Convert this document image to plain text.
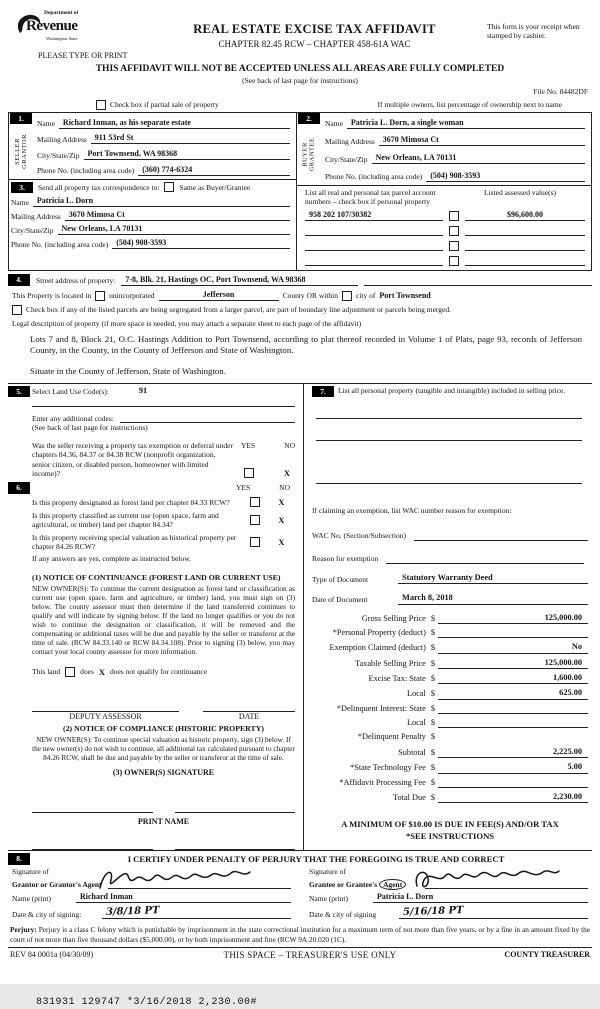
Department of
Revenue
Washington State
PLEASE TYPE OR PRINT
REAL ESTATE EXCISE TAX AFFIDAVIT
CHAPTER 82.45 RCW – CHAPTER 458-61A WAC
This form is your receipt when stamped by cashier.
THIS AFFIDAVIT WILL NOT BE ACCEPTED UNLESS ALL AREAS ARE FULLY COMPLETED
(See back of last page for instructions)
File No. 84482DF
Check box if partial sale of property	If multiple owners, list percentage of ownership next to name
1.
SELLER GRANTOR
Name	Richard Inman, as his separate estate
Mailing Address	911 53rd St
City/State/Zip	Port Townsend, WA 98368
Phone No. (including area code)	(360) 774-6324
3.	Send all property tax correspondence to:	Same as Buyer/Grantee
Name	Patricia L. Dorn
Mailing Address	3670 Mimosa Ct
City/State/Zip	New Orleans, LA 70131
Phone No. (including area code)	(504) 908-3593
2.
BUYER GRANTEE
Name	Patricia L. Dorn, a single woman
Mailing Address	3670 Mimosa Ct
City/State/Zip	New Orleans, LA 70131
Phone No. (including area code)	(504) 908-3593
List all real and personal tax parcel account numbers – check box if personal property
Listed assessed value(s)
958 202 107/30382	$96,600.00
4.	Street address of property:	7-8, Blk. 21, Hastings OC, Port Townsend, WA 98368
This Property is located in unincorporated	Jefferson	County OR within city of Port Townsend
Check box if any of the listed parcels are being segregated from a larger parcel, are part of boundary line adjustment or parcels being merged.
Legal description of property (if more space is needed, you may attach a separate sheet to each page of the affidavit)
Lots 7 and 8, Block 21, O.C. Hastings Addition to Port Townsend, according to plat thereof recorded in Volume 1 of Plats, page 93, records of Jefferson County, in the County, in the County of Jefferson and State of Washington.
Situate in the County of Jefferson, State of Washington.
5.	Select Land Use Code(s):	91
Enter any additional codes:
(See back of last page for instructions)
Was the seller receiving a property tax exemption or deferral under chapters 84.36, 84.37 or 84.38 RCW (nonprofit organization, senior citizen, or disabled person, homeowner with limited income)?
YES	NO
X
6.	YES	NO
Is this property designated as forest land per chapter 84.33 RCW?	X
Is this property classified as current use (open space, farm and agricultural, or timber) land per chapter 84.34?	X
Is this property receiving special valuation as historical property per chapter 84.26 RCW?	X
If any answers are yes, complete as instructed below.
(1) NOTICE OF CONTINUANCE (FOREST LAND OR CURRENT USE)
NEW OWNER(S): To continue the current designation as forest land or classification as current use (open space, farm and agriculture, or timber) land, you must sign on (3) below. The county assessor must then determine if the land transferred continues to qualify and will indicate by signing below. If the land no longer qualifies or you do not wish to continue the designation or classification, it will be removed and the compensating or additional taxes will be due and payable by the seller or transferor at the time of sale. (RCW 84.33.140 or RCW 84.34.108). Prior to signing (3) below, you may contact your local county assessor for more information.
This land	does X does not qualify for continuance
DEPUTY ASSESSOR	DATE
(2) NOTICE OF COMPLIANCE (HISTORIC PROPERTY)
NEW OWNER(S): To continue special valuation as historic property, sign (3) below. If the new owner(s) do not wish to continue, all additional tax calculated pursuant to chapter 84.26 RCW, shall be due and payable by the seller or transferor at the time of sale.
(3) OWNER(S) SIGNATURE
PRINT NAME
7.	List all personal property (tangible and intangible) included in selling price.
If claiming an exemption, list WAC number reason for exemption:
WAC No. (Section/Subsection)
Reason for exemption
Type of Document	Statutory Warranty Deed
Date of Document	March 8, 2018
Gross Selling Price $	125,000.00
*Personal Property (deduct) $
Exemption Claimed (deduct) $	No
Taxable Selling Price $	125,000.00
Excise Tax: State $	1,600.00
Local $	625.00
*Delinquent Interest: State $
Local $
*Delinquent Penalty $
Subtotal $	2,225.00
*State Technology Fee $	5.00
*Affidavit Processing Fee $
Total Due $	2,230.00
A MINIMUM OF $10.00 IS DUE IN FEE(S) AND/OR TAX
*SEE INSTRUCTIONS
8.	I CERTIFY UNDER PENALTY OF PERJURY THAT THE FOREGOING IS TRUE AND CORRECT
Signature of
Grantor or Grantor's Agent
Name (print)	Richard Inman
Date & city of signing:	3/8/18 PT
Signature of
Grantee or Grantee's Agent
Name (print)	Patricia L. Dorn
Date & city of signing	5/16/18 PT
Perjury: Perjury is a class C felony which is punishable by imprisonment in the state correctional institution for a maximum term of not more than five years, or by a fine in an amount fixed by the court of not more than five thousand dollars ($5,000.00), or by both imprisonment and fine (RCW 9A.20.020 (1C).
REV 84 0001a (04/30/09)	THIS SPACE – TREASURER'S USE ONLY	COUNTY TREASURER
831931 129747 *3/16/2018 2,230.00#
